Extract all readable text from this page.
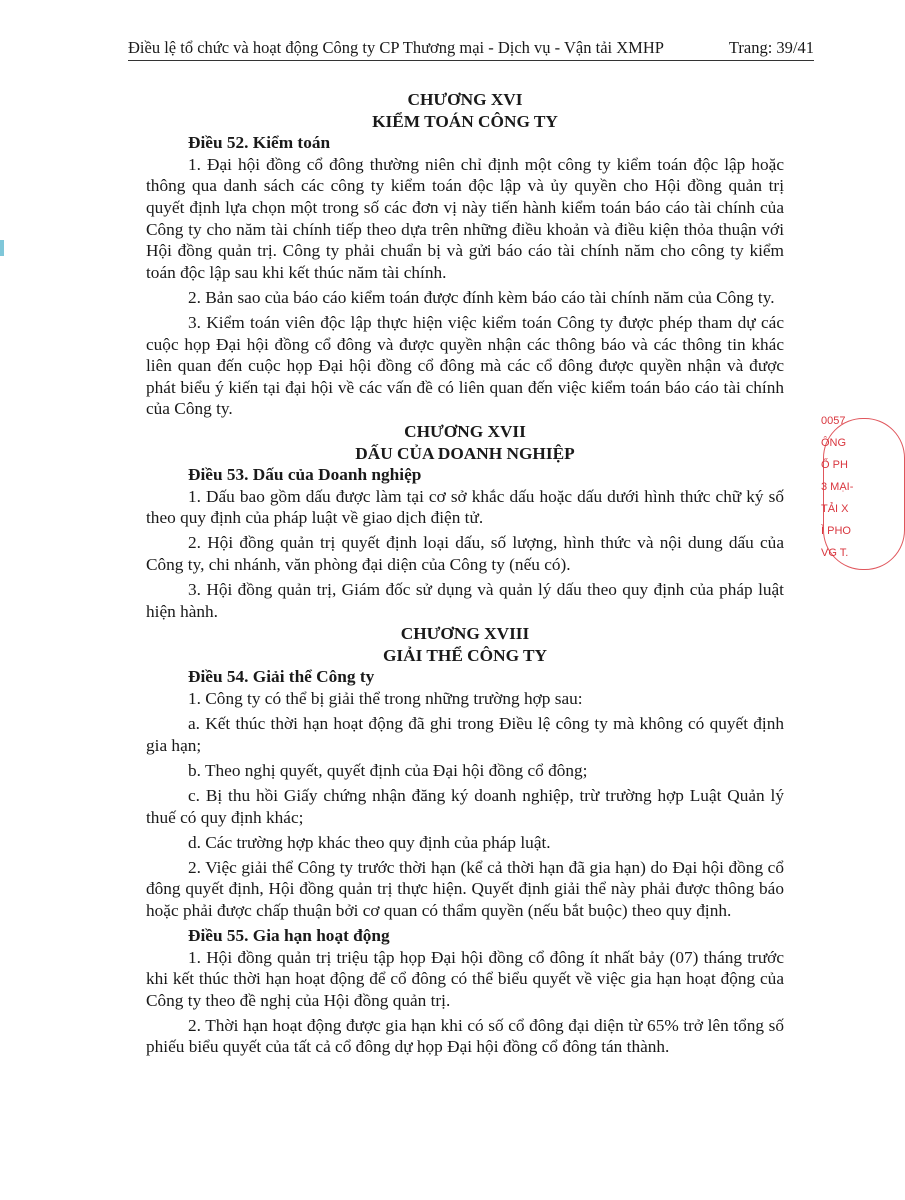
Điều lệ tổ chức và hoạt động Công ty CP Thương mại - Dịch vụ - Vận tải XMHP	Trang: 39/41

CHƯƠNG XVI

KIỂM TOÁN CÔNG TY

Điều 52. Kiểm toán

1. Đại hội đồng cổ đông thường niên chỉ định một công ty kiểm toán độc lập hoặc thông qua danh sách các công ty kiểm toán độc lập và ủy quyền cho Hội đồng quản trị quyết định lựa chọn một trong số các đơn vị này tiến hành kiểm toán báo cáo tài chính của Công ty cho năm tài chính tiếp theo dựa trên những điều khoản và điều kiện thỏa thuận với Hội đồng quản trị. Công ty phải chuẩn bị và gửi báo cáo tài chính năm cho công ty kiểm toán độc lập sau khi kết thúc năm tài chính.

2. Bản sao của báo cáo kiểm toán được đính kèm báo cáo tài chính năm của Công ty.

3. Kiểm toán viên độc lập thực hiện việc kiểm toán Công ty được phép tham dự các cuộc họp Đại hội đồng cổ đông và được quyền nhận các thông báo và các thông tin khác liên quan đến cuộc họp Đại hội đồng cổ đông mà các cổ đông được quyền nhận và được phát biểu ý kiến tại đại hội về các vấn đề có liên quan đến việc kiểm toán báo cáo tài chính của Công ty.

CHƯƠNG XVII

DẤU CỦA DOANH NGHIỆP

Điều 53. Dấu của Doanh nghiệp

1. Dấu bao gồm dấu được làm tại cơ sở khắc dấu hoặc dấu dưới hình thức chữ ký số theo quy định của pháp luật về giao dịch điện tử.

2. Hội đồng quản trị quyết định loại dấu, số lượng, hình thức và nội dung dấu của Công ty, chi nhánh, văn phòng đại diện của Công ty (nếu có).

3. Hội đồng quản trị, Giám đốc sử dụng và quản lý dấu theo quy định của pháp luật hiện hành.

CHƯƠNG XVIII

GIẢI THỂ CÔNG TY

Điều 54. Giải thể Công ty

1. Công ty có thể bị giải thể trong những trường hợp sau:

a. Kết thúc thời hạn hoạt động đã ghi trong Điều lệ công ty mà không có quyết định gia hạn;

b. Theo nghị quyết, quyết định của Đại hội đồng cổ đông;

c. Bị thu hồi Giấy chứng nhận đăng ký doanh nghiệp, trừ trường hợp Luật Quản lý thuế có quy định khác;

d. Các trường hợp khác theo quy định của pháp luật.

2. Việc giải thể Công ty trước thời hạn (kể cả thời hạn đã gia hạn) do Đại hội đồng cổ đông quyết định, Hội đồng quản trị thực hiện. Quyết định giải thể này phải được thông báo hoặc phải được chấp thuận bởi cơ quan có thẩm quyền (nếu bắt buộc) theo quy định.

Điều 55. Gia hạn hoạt động

1. Hội đồng quản trị triệu tập họp Đại hội đồng cổ đông ít nhất bảy (07) tháng trước khi kết thúc thời hạn hoạt động để cổ đông có thể biểu quyết về việc gia hạn hoạt động của Công ty theo đề nghị của Hội đồng quản trị.

2. Thời hạn hoạt động được gia hạn khi có số cổ đông đại diện từ 65% trở lên tổng số phiếu biểu quyết của tất cả cổ đông dự họp Đại hội đồng cổ đông tán thành.

0057
ÔNG
Ổ PH
3 MẠI-
TẢI X
Ì PHO
VG T.
